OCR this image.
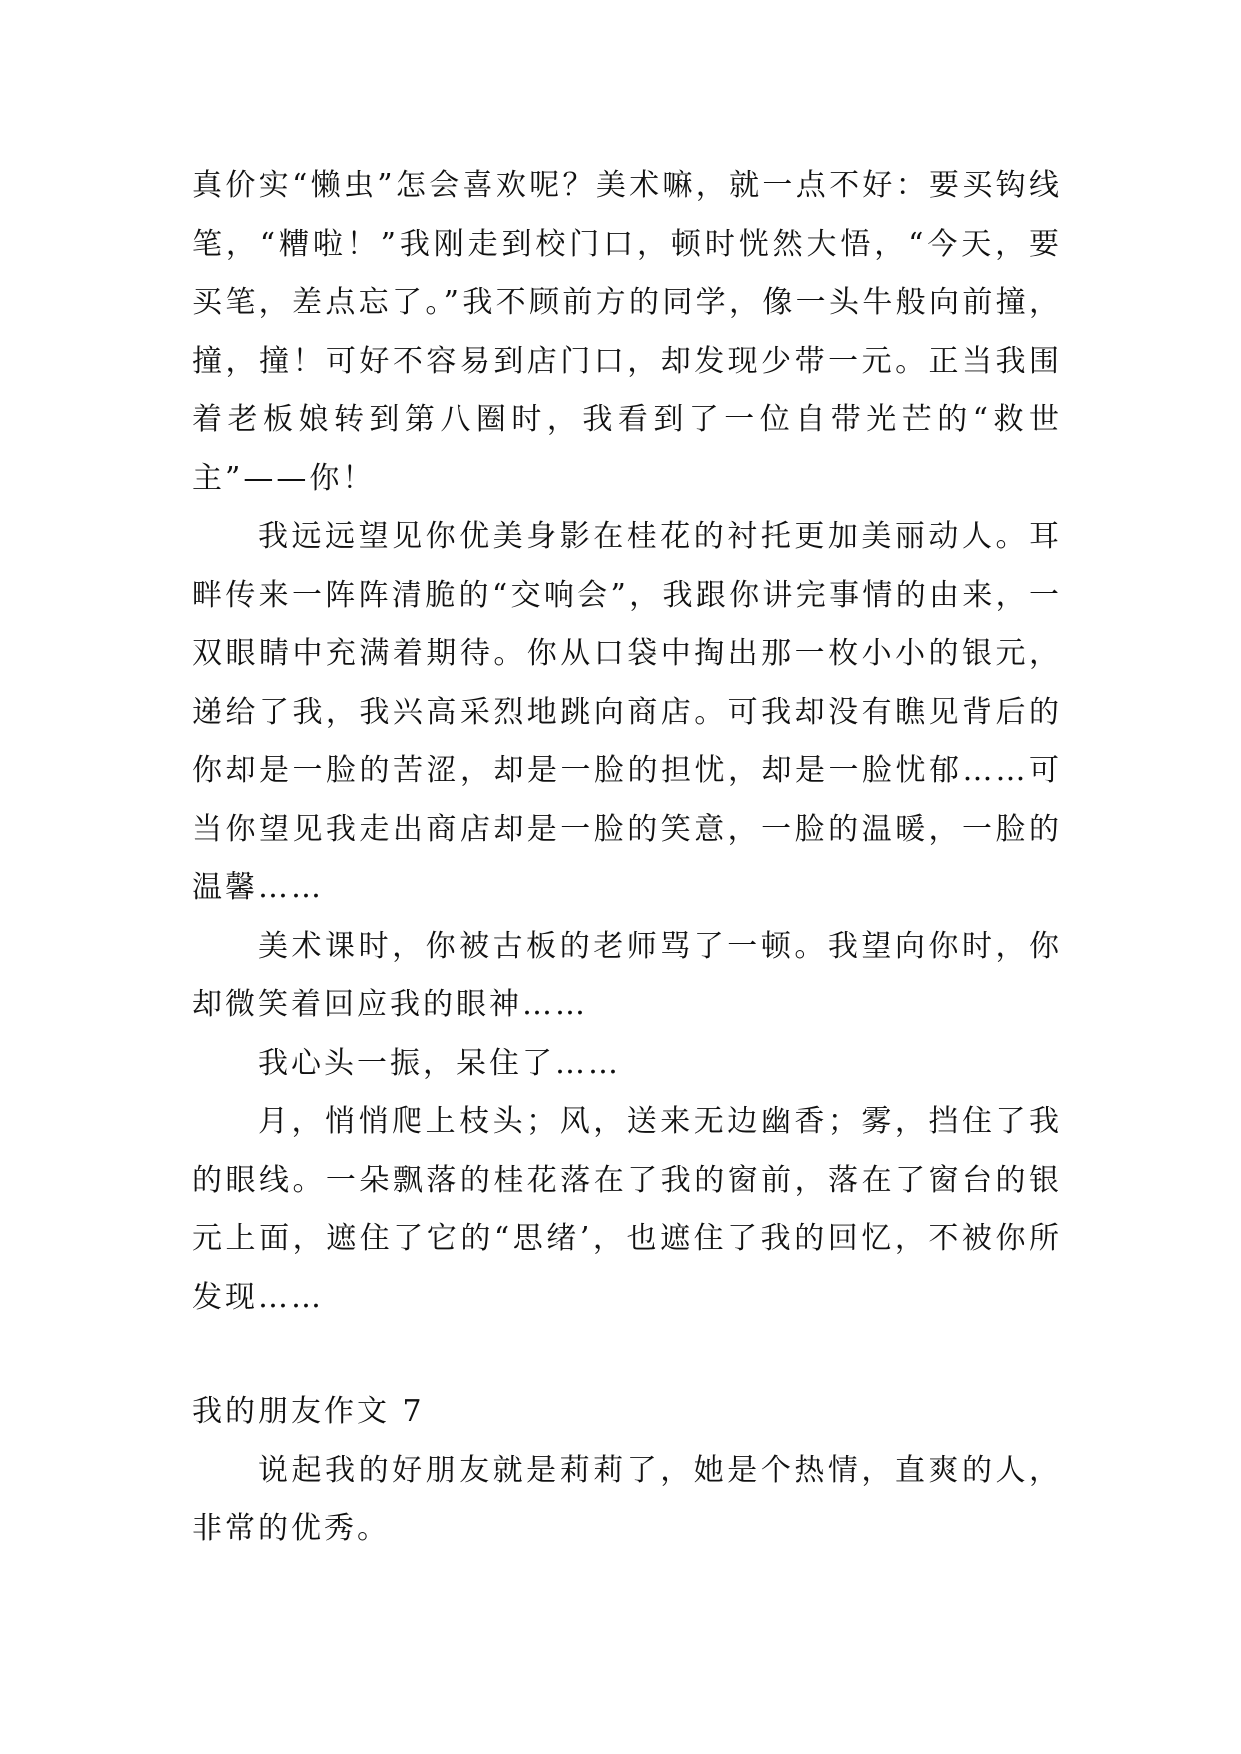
真价实“懒虫”怎会喜欢呢？美术嘛，就一点不好：要买钩线笔，“糟啦！”我刚走到校门口，顿时恍然大悟，“今天，要买笔，差点忘了。”我不顾前方的同学，像一头牛般向前撞，撞，撞！可好不容易到店门口，却发现少带一元。正当我围着老板娘转到第八圈时，我看到了一位自带光芒的“救世主”——你！

我远远望见你优美身影在桂花的衬托更加美丽动人。耳畔传来一阵阵清脆的“交响会”，我跟你讲完事情的由来，一双眼睛中充满着期待。你从口袋中掏出那一枚小小的银元，递给了我，我兴高采烈地跳向商店。可我却没有瞧见背后的你却是一脸的苦涩，却是一脸的担忧，却是一脸忧郁……可当你望见我走出商店却是一脸的笑意，一脸的温暖，一脸的温馨……

美术课时，你被古板的老师骂了一顿。我望向你时，你却微笑着回应我的眼神……

我心头一振，呆住了……

月，悄悄爬上枝头；风，送来无边幽香；雾，挡住了我的眼线。一朵飘落的桂花落在了我的窗前，落在了窗台的银元上面，遮住了它的“思绪’，也遮住了我的回忆，不被你所发现……

我的朋友作文 7

说起我的好朋友就是莉莉了，她是个热情，直爽的人，非常的优秀。
